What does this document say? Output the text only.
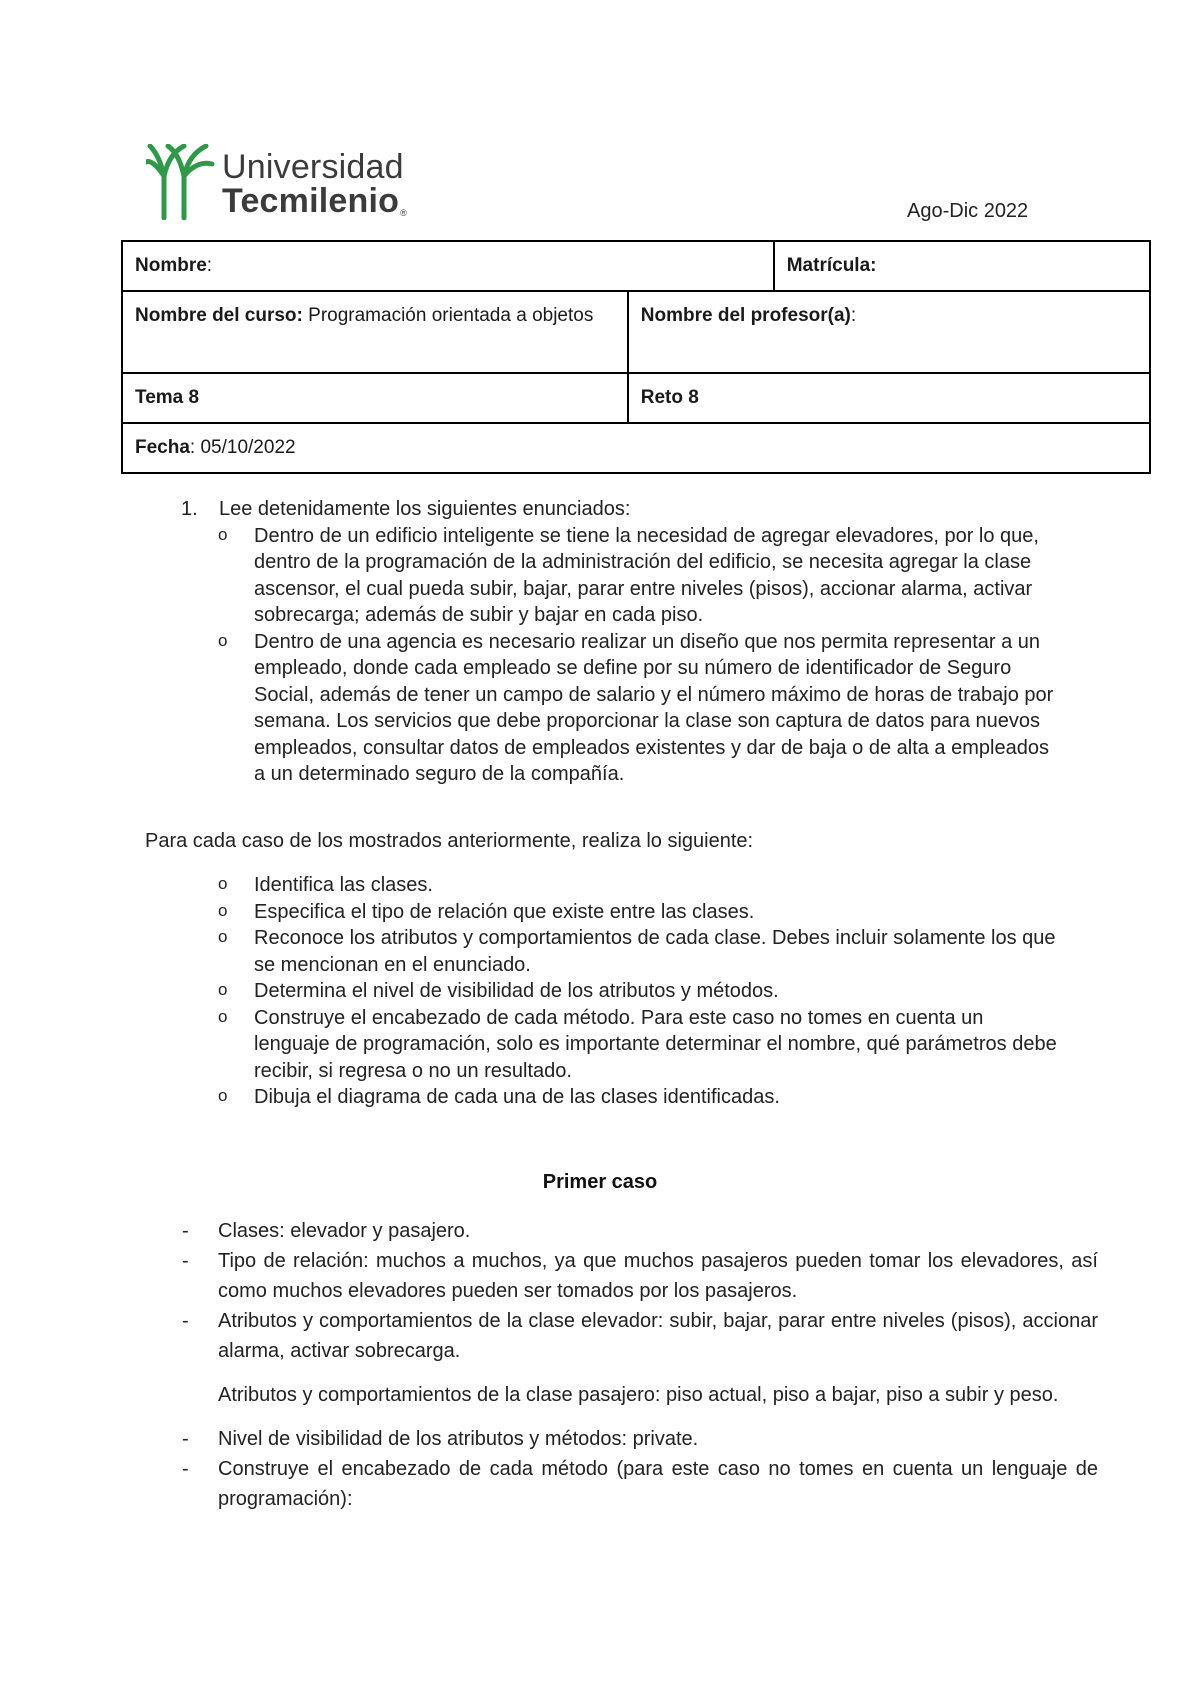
Universidad
Tecmilenio®	Ago-Dic 2022
Nombre:		Matrícula:
Nombre del curso: Programación orientada a objetos	Nombre del profesor(a):	
Tema 8	Reto 8	
Fecha: 05/10/2022		
1. Lee detenidamente los siguientes enunciados:
o Dentro de un edificio inteligente se tiene la necesidad de agregar elevadores, por lo que, dentro de la programación de la administración del edificio, se necesita agregar la clase ascensor, el cual pueda subir, bajar, parar entre niveles (pisos), accionar alarma, activar sobrecarga; además de subir y bajar en cada piso.
o Dentro de una agencia es necesario realizar un diseño que nos permita representar a un empleado, donde cada empleado se define por su número de identificador de Seguro Social, además de tener un campo de salario y el número máximo de horas de trabajo por semana. Los servicios que debe proporcionar la clase son captura de datos para nuevos empleados, consultar datos de empleados existentes y dar de baja o de alta a empleados a un determinado seguro de la compañía.
Para cada caso de los mostrados anteriormente, realiza lo siguiente:
o Identifica las clases.
o Especifica el tipo de relación que existe entre las clases.
o Reconoce los atributos y comportamientos de cada clase. Debes incluir solamente los que se mencionan en el enunciado.
o Determina el nivel de visibilidad de los atributos y métodos.
o Construye el encabezado de cada método. Para este caso no tomes en cuenta un lenguaje de programación, solo es importante determinar el nombre, qué parámetros debe recibir, si regresa o no un resultado.
o Dibuja el diagrama de cada una de las clases identificadas.
Primer caso
- Clases: elevador y pasajero.
- Tipo de relación: muchos a muchos, ya que muchos pasajeros pueden tomar los elevadores, así como muchos elevadores pueden ser tomados por los pasajeros.
- Atributos y comportamientos de la clase elevador: subir, bajar, parar entre niveles (pisos), accionar alarma, activar sobrecarga.

Atributos y comportamientos de la clase pasajero: piso actual, piso a bajar, piso a subir y peso.

- Nivel de visibilidad de los atributos y métodos: private.
- Construye el encabezado de cada método (para este caso no tomes en cuenta un lenguaje de programación):
